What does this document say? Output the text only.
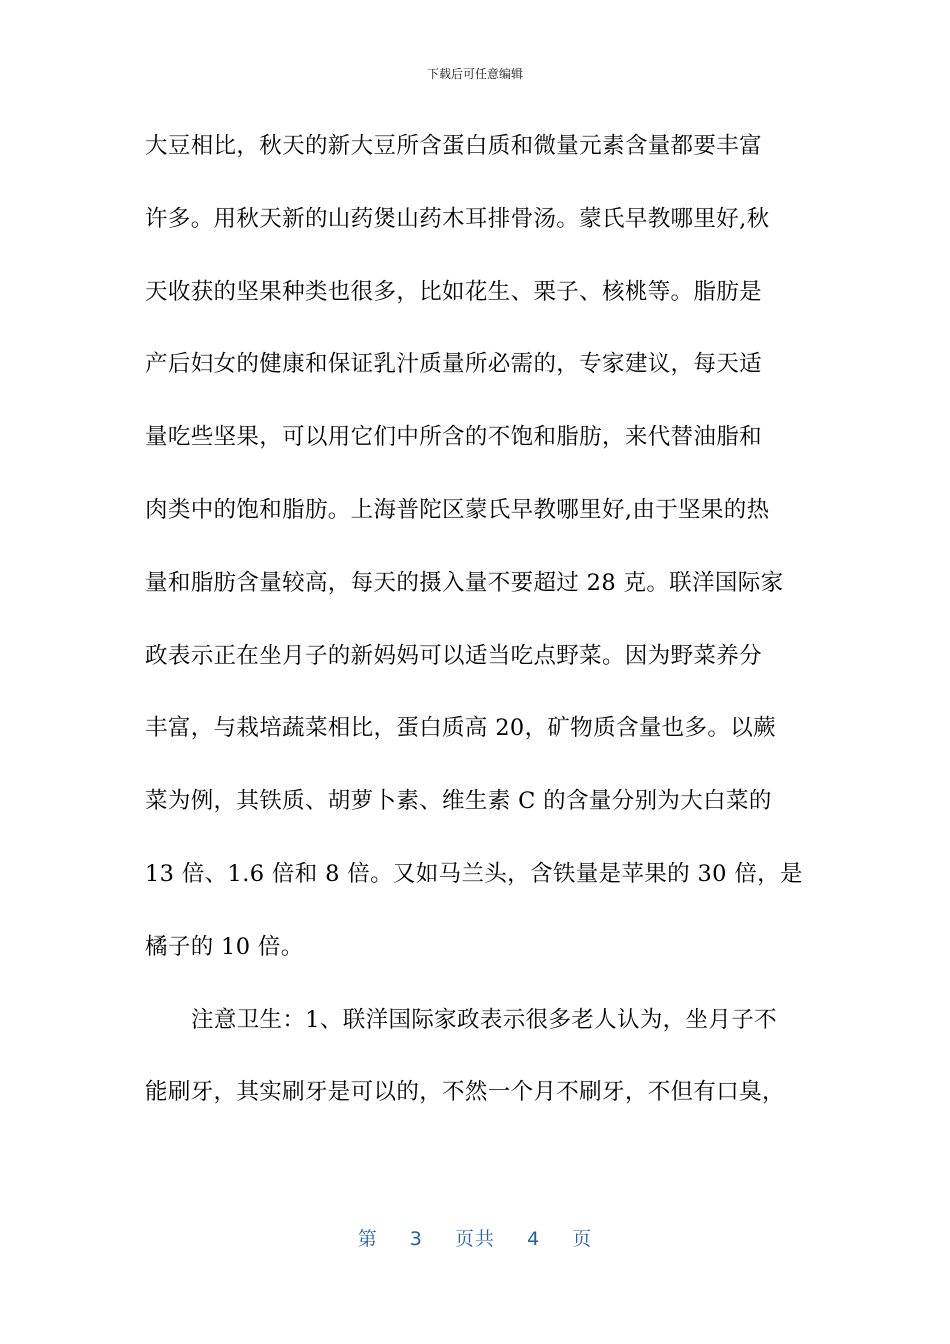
下载后可任意编辑
大豆相比，秋天的新大豆所含蛋白质和微量元素含量都要丰富
许多。用秋天新的山药煲山药木耳排骨汤。蒙氏早教哪里好,秋
天收获的坚果种类也很多，比如花生、栗子、核桃等。脂肪是
产后妇女的健康和保证乳汁质量所必需的，专家建议，每天适
量吃些坚果，可以用它们中所含的不饱和脂肪，来代替油脂和
肉类中的饱和脂肪。上海普陀区蒙氏早教哪里好,由于坚果的热
量和脂肪含量较高，每天的摄入量不要超过 28 克。联洋国际家
政表示正在坐月子的新妈妈可以适当吃点野菜。因为野菜养分
丰富，与栽培蔬菜相比，蛋白质高 20，矿物质含量也多。以蕨
菜为例，其铁质、胡萝卜素、维生素 C 的含量分别为大白菜的
13 倍、1.6 倍和 8 倍。又如马兰头，含铁量是苹果的 30 倍，是
橘子的 10 倍。
注意卫生：1、联洋国际家政表示很多老人认为，坐月子不
能刷牙，其实刷牙是可以的，不然一个月不刷牙，不但有口臭，
第 3 页共 4 页
